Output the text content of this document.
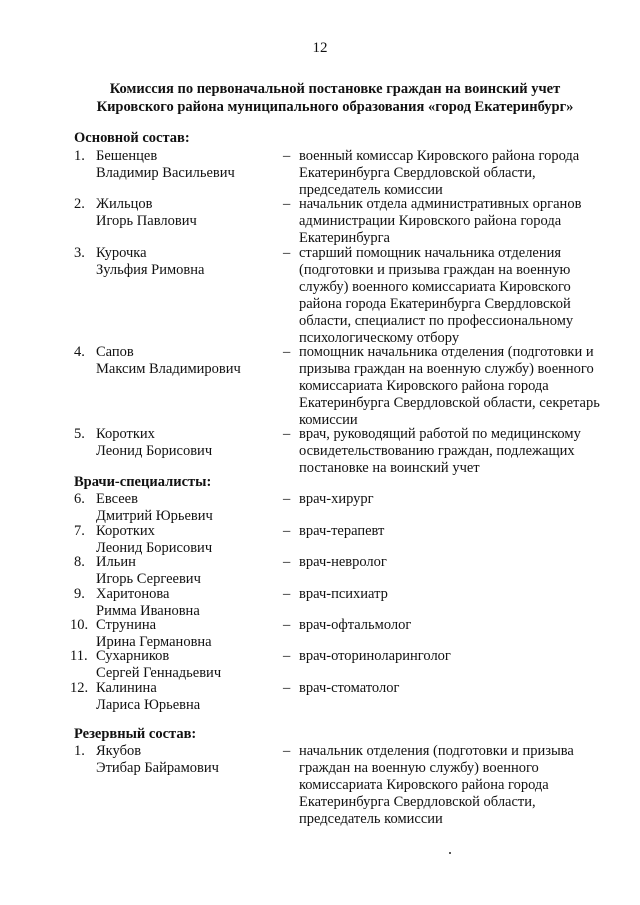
12
Комиссия по первоначальной постановке граждан на воинский учет
Кировского района муниципального образования «город Екатеринбург»
Основной состав:
1. Бешенцев
Владимир Васильевич
– военный комиссар Кировского района города Екатеринбурга Свердловской области, председатель комиссии
2. Жильцов
Игорь Павлович
– начальник отдела административных органов администрации Кировского района города Екатеринбурга
3. Курочка
Зульфия Римовна
– старший помощник начальника отделения (подготовки и призыва граждан на военную службу) военного комиссариата Кировского района города Екатеринбурга Свердловской области, специалист по профессиональному психологическому отбору
4. Сапов
Максим Владимирович
– помощник начальника отделения (подготовки и призыва граждан на военную службу) военного комиссариата Кировского района города Екатеринбурга Свердловской области, секретарь комиссии
5. Коротких
Леонид Борисович
– врач, руководящий работой по медицинскому освидетельствованию граждан, подлежащих постановке на воинский учет
Врачи-специалисты:
6. Евсеев
Дмитрий Юрьевич
– врач-хирург
7. Коротких
Леонид Борисович
– врач-терапевт
8. Ильин
Игорь Сергеевич
– врач-невролог
9. Харитонова
Римма Ивановна
– врач-психиатр
10. Струнина
Ирина Германовна
– врач-офтальмолог
11. Сухарников
Сергей Геннадьевич
– врач-оториноларинголог
12. Калинина
Лариса Юрьевна
– врач-стоматолог
Резервный состав:
1. Якубов
Этибар Байрамович
– начальник отделения (подготовки и призыва граждан на военную службу) военного комиссариата Кировского района города Екатеринбурга Свердловской области, председатель комиссии
